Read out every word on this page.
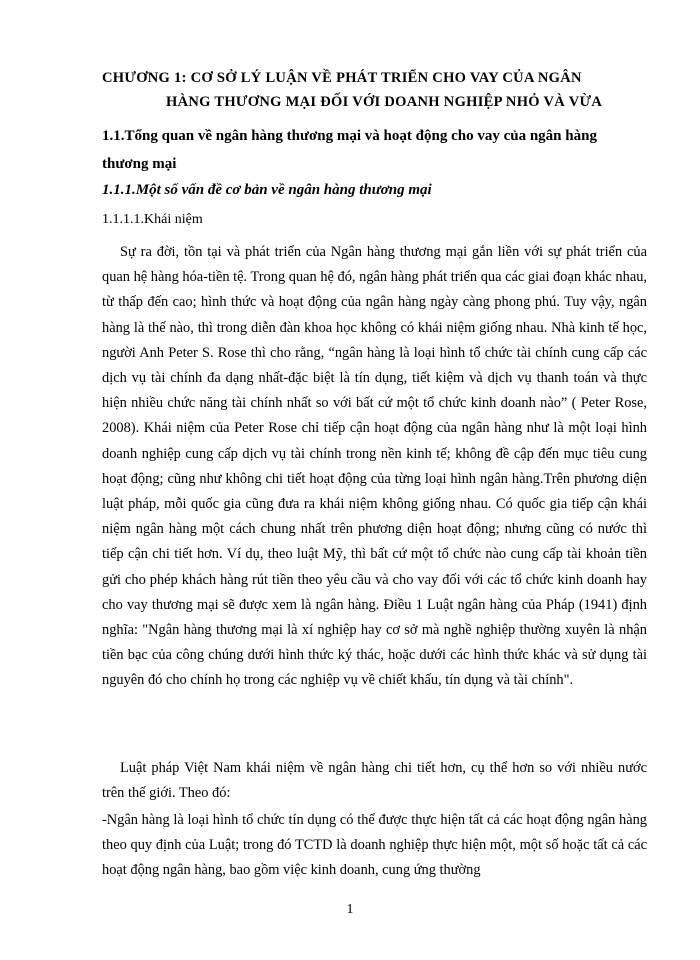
CHƯƠNG 1: CƠ SỞ LÝ LUẬN VỀ PHÁT TRIỂN CHO VAY CỦA NGÂN
HÀNG THƯƠNG MẠI ĐỐI VỚI DOANH NGHIỆP NHỎ VÀ VỪA
1.1.Tổng quan về ngân hàng thương mại và hoạt động cho vay của ngân hàng thương mại
1.1.1.Một số vấn đề cơ bản về ngân hàng thương mại
1.1.1.1.Khái niệm

Sự ra đời, tồn tại và phát triển của Ngân hàng thương mại gắn liền với sự phát triển của quan hệ hàng hóa-tiền tệ. Trong quan hệ đó, ngân hàng phát triển qua các giai đoạn khác nhau, từ thấp đến cao; hình thức và hoạt động của ngân hàng ngày càng phong phú. Tuy vậy, ngân hàng là thế nào, thì trong diễn đàn khoa học không có khái niệm giống nhau. Nhà kinh tế học, người Anh Peter S. Rose thì cho rằng, “ngân hàng là loại hình tổ chức tài chính cung cấp các dịch vụ tài chính đa dạng nhất-đặc biệt là tín dụng, tiết kiệm và dịch vụ thanh toán và thực hiện nhiều chức năng tài chính nhất so với bất cứ một tổ chức kinh doanh nào” ( Peter Rose, 2008). Khái niệm của Peter Rose chỉ tiếp cận hoạt động của ngân hàng như là một loại hình doanh nghiệp cung cấp dịch vụ tài chính trong nền kinh tế; không đề cập đến mục tiêu cung hoạt động; cũng như không chi tiết hoạt động của từng loại hình ngân hàng.Trên phương diện luật pháp, mỗi quốc gia cũng đưa ra khái niệm không giống nhau. Có quốc gia tiếp cận khái niệm ngân hàng một cách chung nhất trên phương diện hoạt động; nhưng cũng có nước thì tiếp cận chi tiết hơn. Ví dụ, theo luật Mỹ, thì bất cứ một tổ chức nào cung cấp tài khoản tiền gửi cho phép khách hàng rút tiền theo yêu cầu và cho vay đối với các tổ chức kinh doanh hay cho vay thương mại sẽ được xem là ngân hàng. Điều 1 Luật ngân hàng của Pháp (1941) định nghĩa: "Ngân hàng thương mại là xí nghiệp hay cơ sở mà nghề nghiệp thường xuyên là nhận tiền bạc của công chúng dưới hình thức ký thác, hoặc dưới các hình thức khác và sử dụng tài nguyên đó cho chính họ trong các nghiệp vụ về chiết khấu, tín dụng và tài chính".

Luật pháp Việt Nam khái niệm về ngân hàng chi tiết hơn, cụ thể hơn so với nhiều nước trên thế giới. Theo đó:

-Ngân hàng là loại hình tổ chức tín dụng có thể được thực hiện tất cả các hoạt động ngân hàng theo quy định của Luật; trong đó TCTD là doanh nghiệp thực hiện một, một số hoặc tất cả các hoạt động ngân hàng, bao gồm việc kinh doanh, cung ứng thường

1
